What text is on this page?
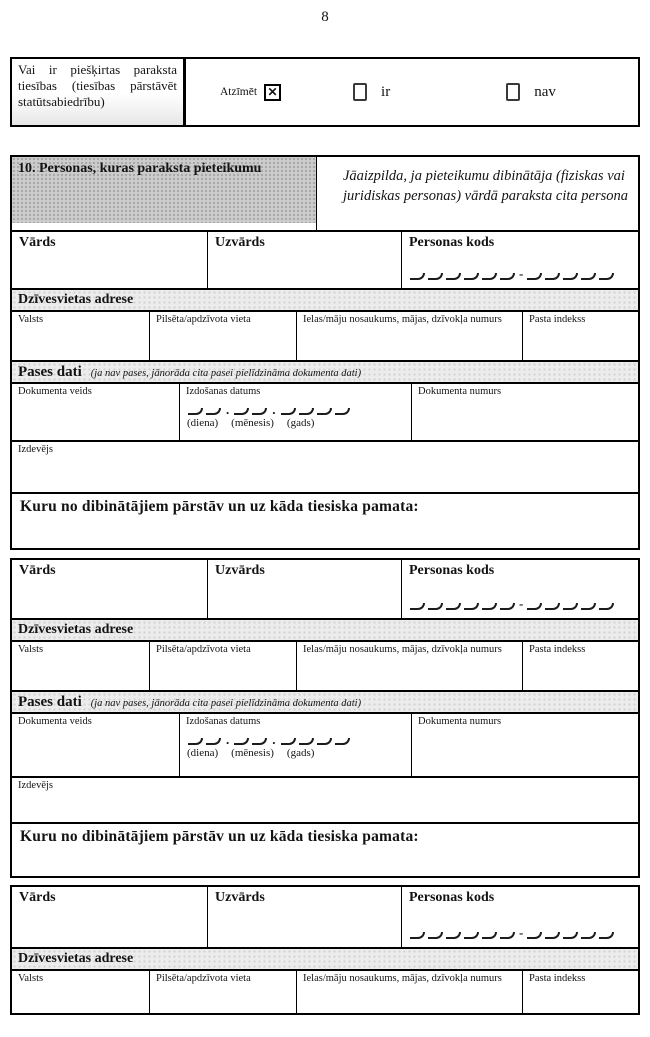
8
Vai ir piešķirtas paraksta tiesības (tiesības pārstāvēt statūtsabiedrību)
Atzīmēt ✕	ir	nav
10. Personas, kuras paraksta pieteikumu	Jāaizpilda, ja pieteikumu dibinātāja (fiziskas vai juridiskas personas) vārdā paraksta cita persona
Vārds	Uzvārds	Personas kods
-
Dzīvesvietas adrese
Valsts	Pilsēta/apdzīvota vieta	Ielas/māju nosaukums, mājas, dzīvokļa numurs	Pasta indekss
Pases dati (ja nav pases, jānorāda cita pasei pielīdzināma dokumenta dati)
Dokumenta veids	Izdošanas datums
.	.
(diena) (mēnesis) (gads)
Dokumenta numurs
Izdevējs
Kuru no dibinātājiem pārstāv un uz kāda tiesiska pamata:
Vārds	Uzvārds	Personas kods
-
Dzīvesvietas adrese
Valsts	Pilsēta/apdzīvota vieta	Ielas/māju nosaukums, mājas, dzīvokļa numurs	Pasta indekss
Pases dati (ja nav pases, jānorāda cita pasei pielīdzināma dokumenta dati)
Dokumenta veids	Izdošanas datums
.	.
(diena) (mēnesis) (gads)
Dokumenta numurs
Izdevējs
Kuru no dibinātājiem pārstāv un uz kāda tiesiska pamata:
Vārds	Uzvārds	Personas kods
-
Dzīvesvietas adrese
Valsts	Pilsēta/apdzīvota vieta	Ielas/māju nosaukums, mājas, dzīvokļa numurs	Pasta indekss
